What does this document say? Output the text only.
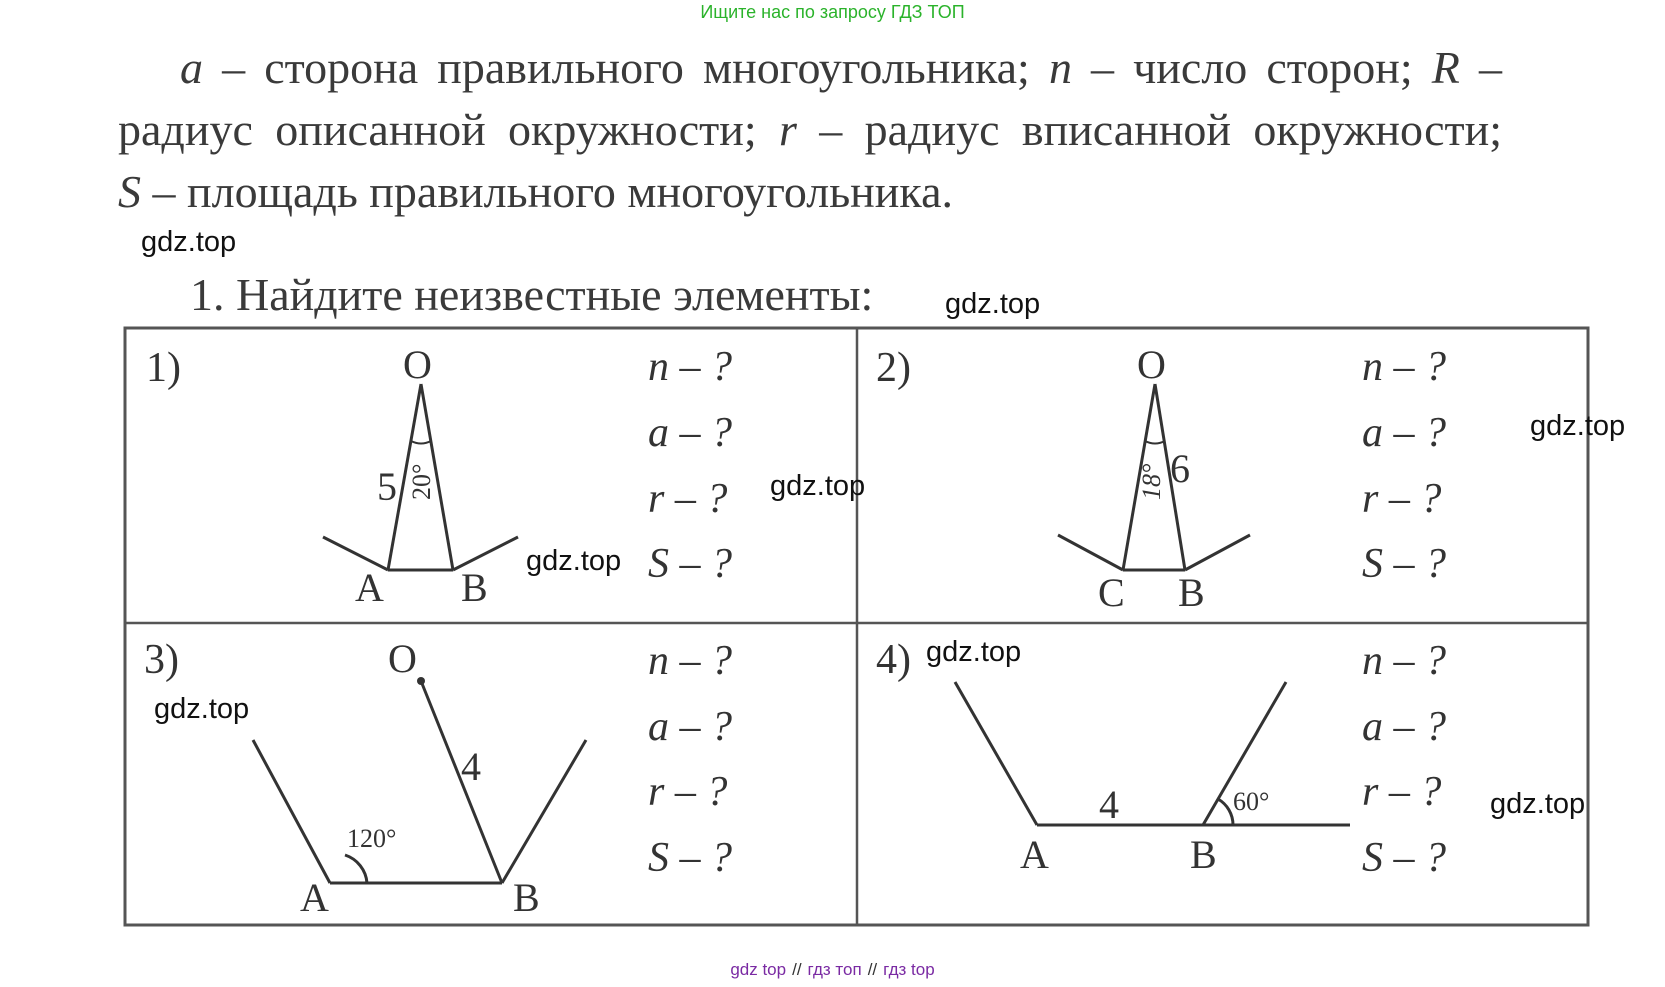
Ищите нас по запросу ГДЗ ТОП
a – сторона правильного многоугольника; n – число сторон; R –
радиус описанной окружности; r – радиус вписанной окружности;
S – площадь правильного многоугольника.
1. Найдите неизвестные элементы:
1)	2)
3)	4)
n – ?
a – ?
r – ?
S – ?
n – ?
a – ?
r – ?
S – ?
n – ?
a – ?
r – ?
S – ?
n – ?
a – ?
r – ?
S – ?
O
A B
5 20°
O
C B
6
18°
O
A	B
4
120°	A	B
4	60°
gdz.top
gdz.top
gdz.top
gdz.top
gdz.top
gdz.top
gdz.top
gdz.top
gdz top // гдз топ // гдз top
